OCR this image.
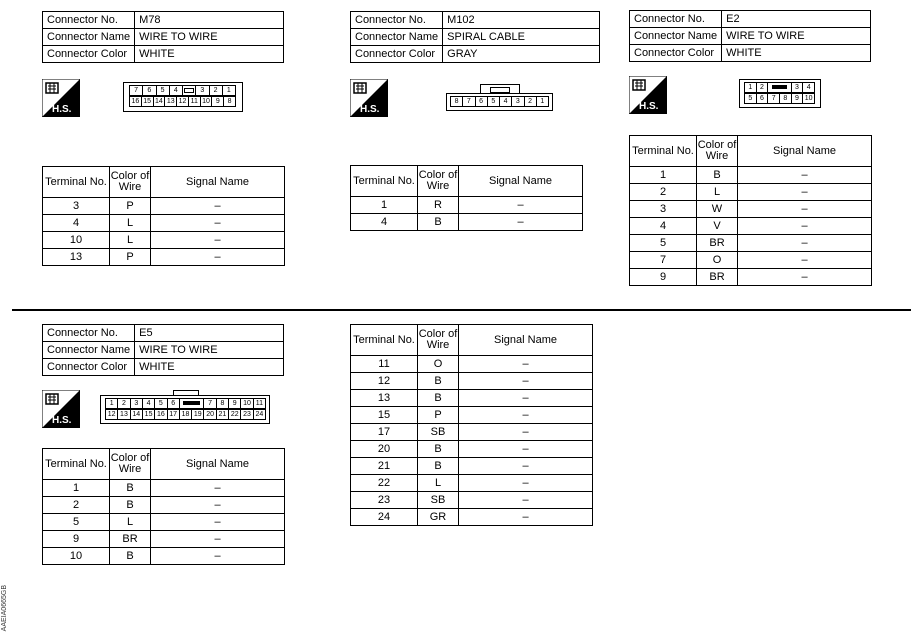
Connector No.	M78
Connector Name	WIRE TO WIRE
Connector Color	WHITE
H.S.
7	6	5	4	3	2	1
16 15 14 13 12 11 10 9	8
Terminal No.	Color of Wire	Signal Name
3	P	–
4	L	–
10	L	–
13	P	–
Connector No.	M102
Connector Name	SPIRAL CABLE
Connector Color	GRAY
H.S.
8	7	6	5	4	3	2	1
Terminal No.	Color of Wire	Signal Name
1	R	–
4	B	–
Connector No.	E2
Connector Name	WIRE TO WIRE
Connector Color	WHITE
H.S.
1	2	3	4
5	6	7	8	9 10
Terminal No.	Color of Wire	Signal Name
1	B	–
2	L	–
3	W	–
4	V	–
5	BR	–
7	O	–
9	BR	–
Connector No.	E5
Connector Name	WIRE TO WIRE
Connector Color	WHITE
H.S.
1	2	3	4	5	6	7	8	9 10 11
12 13 14 15 16 17 18 19 20 21 22 23 24
Terminal No.	Color of Wire	Signal Name
1	B	–
2	B	–
5	L	–
9	BR	–
10	B	–
Terminal No.	Color of Wire	Signal Name
11	O	–
12	B	–
13	B	–
15	P	–
17	SB	–
20	B	–
21	B	–
22	L	–
23	SB	–
24	GR	–
AAEIA0665GB
